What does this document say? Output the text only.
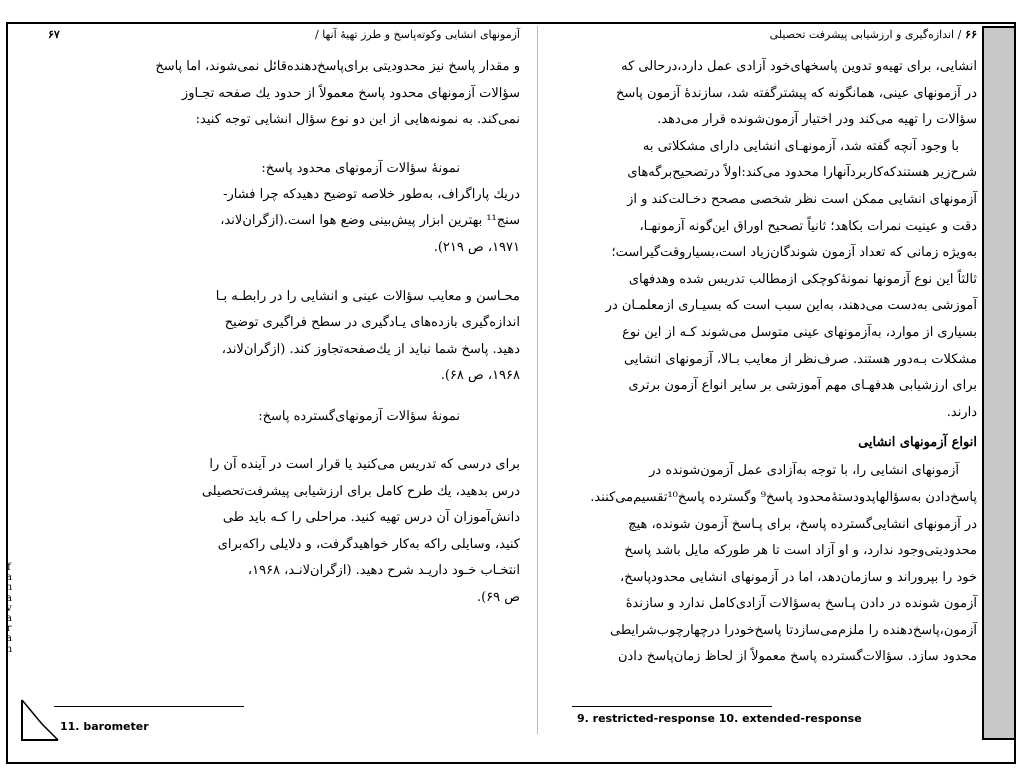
آزمونهای انشایی وکوته‌پاسخ و طرز تهیهٔ آنها /
۶۷

و مقدار پاسخ نیز محدودیتی برای‌پاسخ‌دهنده‌قائل نمی‌شوند، اما پاسخ

سؤالات آزمونهای محدود پاسخ معمولاً از حدود یك صفحه تجـاوز

نمی‌کند. به نمونه‌هایی از این دو نوع سؤال انشایی توجه کنید:

نمونهٔ سؤالات آزمونهای محدود پاسخ:

دریك پاراگراف، بەطور خلاصه توضیح دهیدکه چرا فشار-

سنج¹¹ بهترین ابزار پیش‌بینی وضع هوا است.(ازگران‌لاند،

۱۹۷۱، ص ۲۱۹).

محـاسن و معایب سؤالات عینی و انشایی را در رابطـه بـا

اندازه‌گیری بازده‌های یـادگیری در سطح فراگیری توضیح

دهید. پاسخ شما نباید از یك‌صفحه‌تجاوز کند. (ازگران‌لاند،

۱۹۶۸، ص ۶۸).

نمونهٔ سؤالات آزمونهای‌گسترده پاسخ:

برای درسی که تدریس می‌کنید یا قرار است در آینده آن را

درس بدهید، یك طرح کامل برای ارزشیابی پیشرفت‌تحصیلی

دانش‌آموزان آن درس تهیه کنید. مراحلی را کـه باید طی

کنید، وسایلی راکه به‌کار خواهیدگرفت، و دلایلی راکه‌برای

انتخـاب خـود داریـد شرح دهید. (ازگران‌لانـد، ۱۹۶۸،

ص ۶۹).

۶۶ / اندازه‌گیری و ارزشیابی پیشرفت تحصیلی

انشایی، برای تهیه‌و تدوین پاسخهای‌خود آزادی عمل دارد،درحالی که

در آزمونهای عینی، همانگونه که پیشترگفته شد، سازندهٔ آزمون پاسخ

سؤالات را تهیه می‌کند ودر اختیار آزمون‌شونده قرار می‌دهد.

با وجود آنچه گفته شد، آزمونهـای انشایی دارای مشکلاتی به

شرح‌زیر هستندکه‌کاربردآنهارا محدود می‌کند:اولاً درتصحیح‌برگه‌های

آزمونهای انشایی ممکن است نظر شخصی مصحح دخـالت‌کند و از

دقت و عینیت نمرات بکاهد؛ ثانیاً تصحیح اوراق این‌گونه آزمونهـا،

به‌ویژه زمانی که تعداد آزمون شوندگان‌زیاد است،بسیاروقت‌گیراست؛

ثالثاً این نوع آزمونها نمونهٔ‌کوچکی ازمطالب تدریس شده وهدفهای

آموزشی به‌دست می‌دهند، به‌این سبب است که بسیـاری ازمعلمـان در

بسیاری از موارد، به‌آزمونهای عینی متوسل می‌شوند کـه از این نوع

مشکلات بـه‌دور هستند. صرف‌نظر از معایب بـالا، آزمونهای انشایی

برای ارزشیابی هدفهـای مهم آموزشی بر سایر انواع آزمون برتری

دارند.

انواع آزمونهای انشایی

آزمونهای انشایی را، با توجه به‌آزادی عمل آزمون‌شونده در

پاسخ‌دادن به‌سؤالهاپدودستهٔ‌محدود پاسخ⁹ وگسترده پاسخ¹⁰تقسیم‌می‌کنند.

در آزمونهای انشایی‌گسترده پاسخ، برای پـاسخ آزمون شونده، هیچ

محدودیتی‌وجود ندارد، و او آزاد است تا هر طورکه مایل باشد پاسخ

خود را بپروراند و سازمان‌دهد، اما در آزمونهای انشایی محدودپاسخ،

آزمون شونده در دادن پـاسخ به‌سؤالات آزادی‌کامل ندارد و سازندهٔ

آزمون،پاسخ‌دهنده را ملزم‌می‌سازدتا پاسخ‌خودرا درچهارچوب‌شرایطی

محدود سازد. سؤالات‌گسترده پاسخ معمولاً از لحاظ زمان‌پاسخ دادن

11. barometer
9. restricted-response 10. extended-response
f
a
n
a
v
a
r
a
n
